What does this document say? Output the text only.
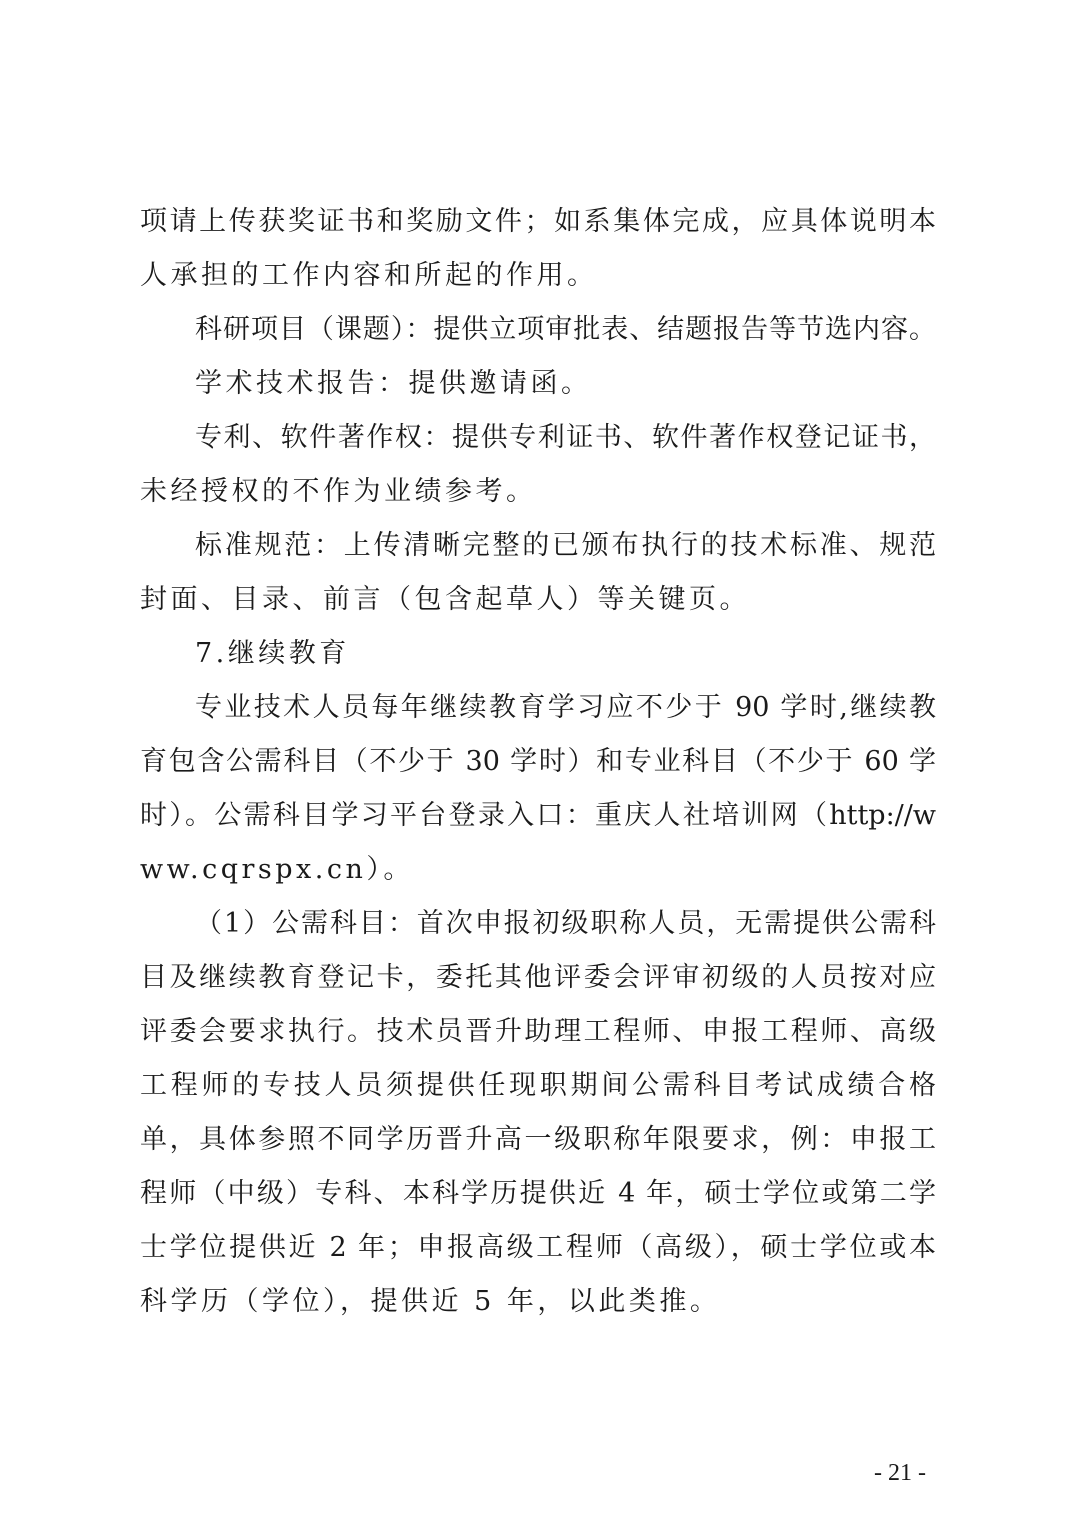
项请上传获奖证书和奖励文件；如系集体完成，应具体说明本
人承担的工作内容和所起的作用。
科研项目（课题）：提供立项审批表、结题报告等节选内容。
学术技术报告：提供邀请函。
专利、软件著作权：提供专利证书、软件著作权登记证书，
未经授权的不作为业绩参考。
标准规范：上传清晰完整的已颁布执行的技术标准、规范
封面、目录、前言（包含起草人）等关键页。
7.继续教育
专业技术人员每年继续教育学习应不少于 90 学时,继续教
育包含公需科目（不少于 30 学时）和专业科目（不少于 60 学
时）。公需科目学习平台登录入口：重庆人社培训网（http://w
ww.cqrspx.cn）。
（1）公需科目：首次申报初级职称人员，无需提供公需科
目及继续教育登记卡，委托其他评委会评审初级的人员按对应
评委会要求执行。技术员晋升助理工程师、申报工程师、高级
工程师的专技人员须提供任现职期间公需科目考试成绩合格
单，具体参照不同学历晋升高一级职称年限要求，例：申报工
程师（中级）专科、本科学历提供近 4 年，硕士学位或第二学
士学位提供近 2 年；申报高级工程师（高级），硕士学位或本
科学历（学位），提供近 5 年，以此类推。
- 21 -
